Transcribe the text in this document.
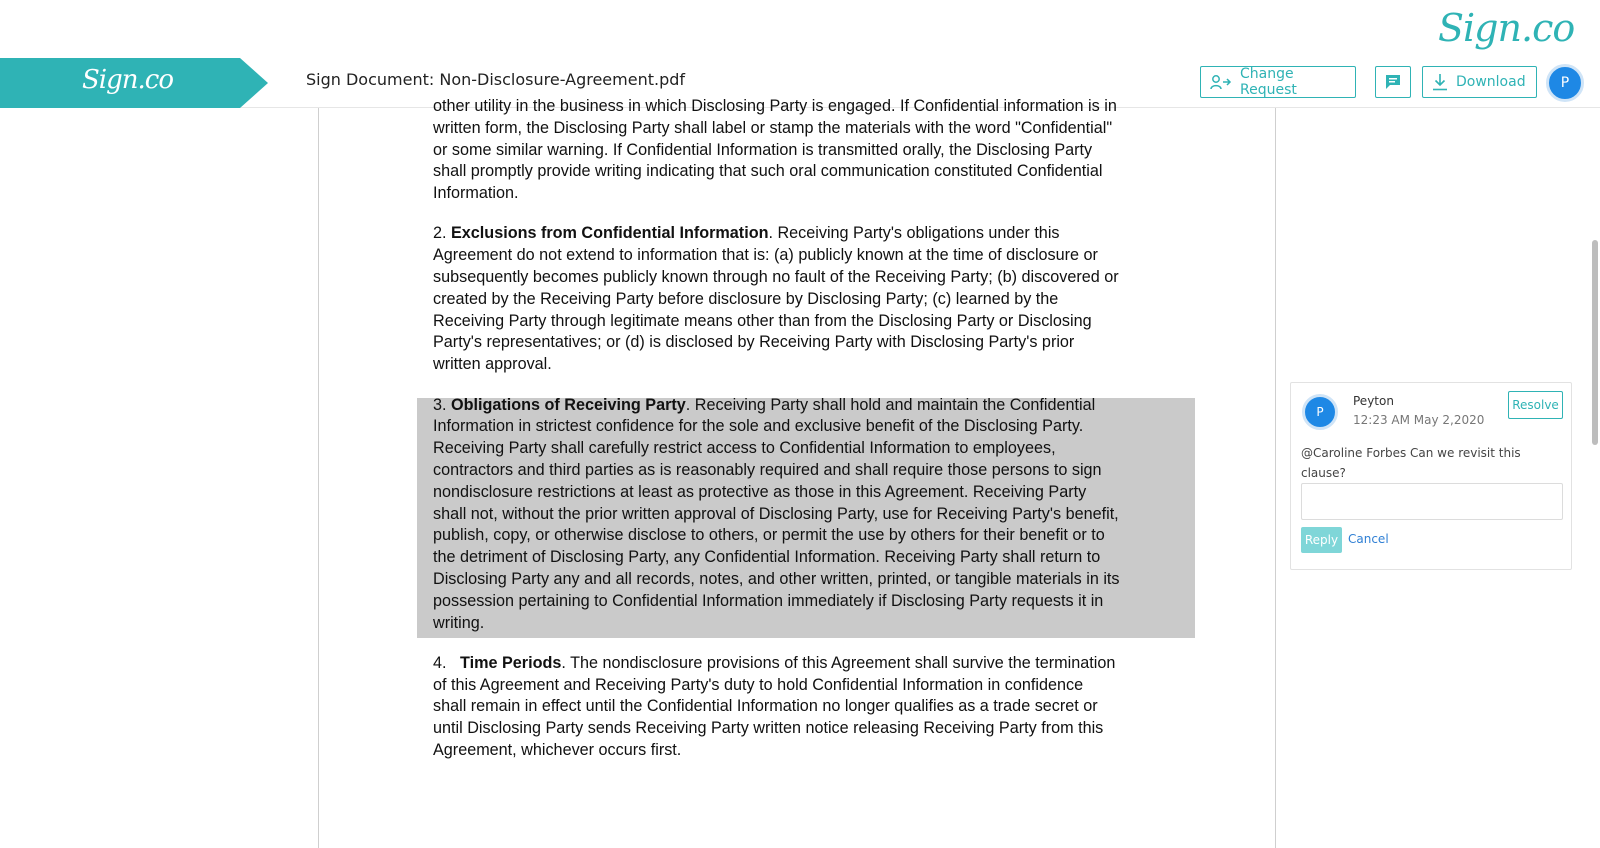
Sign.co
Sign.co	Sign Document: Non-Disclosure-Agreement.pdf	Change Request	Download	P
other utility in the business in which Disclosing Party is engaged. If Confidential information is in
written form, the Disclosing Party shall label or stamp the materials with the word "Confidential"
or some similar warning. If Confidential Information is transmitted orally, the Disclosing Party
shall promptly provide writing indicating that such oral communication constituted Confidential
Information.
2. Exclusions from Confidential Information. Receiving Party's obligations under this
Agreement do not extend to information that is: (a) publicly known at the time of disclosure or
subsequently becomes publicly known through no fault of the Receiving Party; (b) discovered or
created by the Receiving Party before disclosure by Disclosing Party; (c) learned by the
Receiving Party through legitimate means other than from the Disclosing Party or Disclosing
Party's representatives; or (d) is disclosed by Receiving Party with Disclosing Party's prior
written approval.
3. Obligations of Receiving Party. Receiving Party shall hold and maintain the Confidential
Information in strictest confidence for the sole and exclusive benefit of the Disclosing Party.
Receiving Party shall carefully restrict access to Confidential Information to employees,
contractors and third parties as is reasonably required and shall require those persons to sign
nondisclosure restrictions at least as protective as those in this Agreement. Receiving Party
shall not, without the prior written approval of Disclosing Party, use for Receiving Party's benefit,
publish, copy, or otherwise disclose to others, or permit the use by others for their benefit or to
the detriment of Disclosing Party, any Confidential Information. Receiving Party shall return to
Disclosing Party any and all records, notes, and other written, printed, or tangible materials in its
possession pertaining to Confidential Information immediately if Disclosing Party requests it in
writing.
4.   Time Periods. The nondisclosure provisions of this Agreement shall survive the termination
of this Agreement and Receiving Party's duty to hold Confidential Information in confidence
shall remain in effect until the Confidential Information no longer qualifies as a trade secret or
until Disclosing Party sends Receiving Party written notice releasing Receiving Party from this
Agreement, whichever occurs first.
P
Peyton
12:23 AM May 2,2020
Resolve
@Caroline Forbes Can we revisit this clause?
Reply Cancel
